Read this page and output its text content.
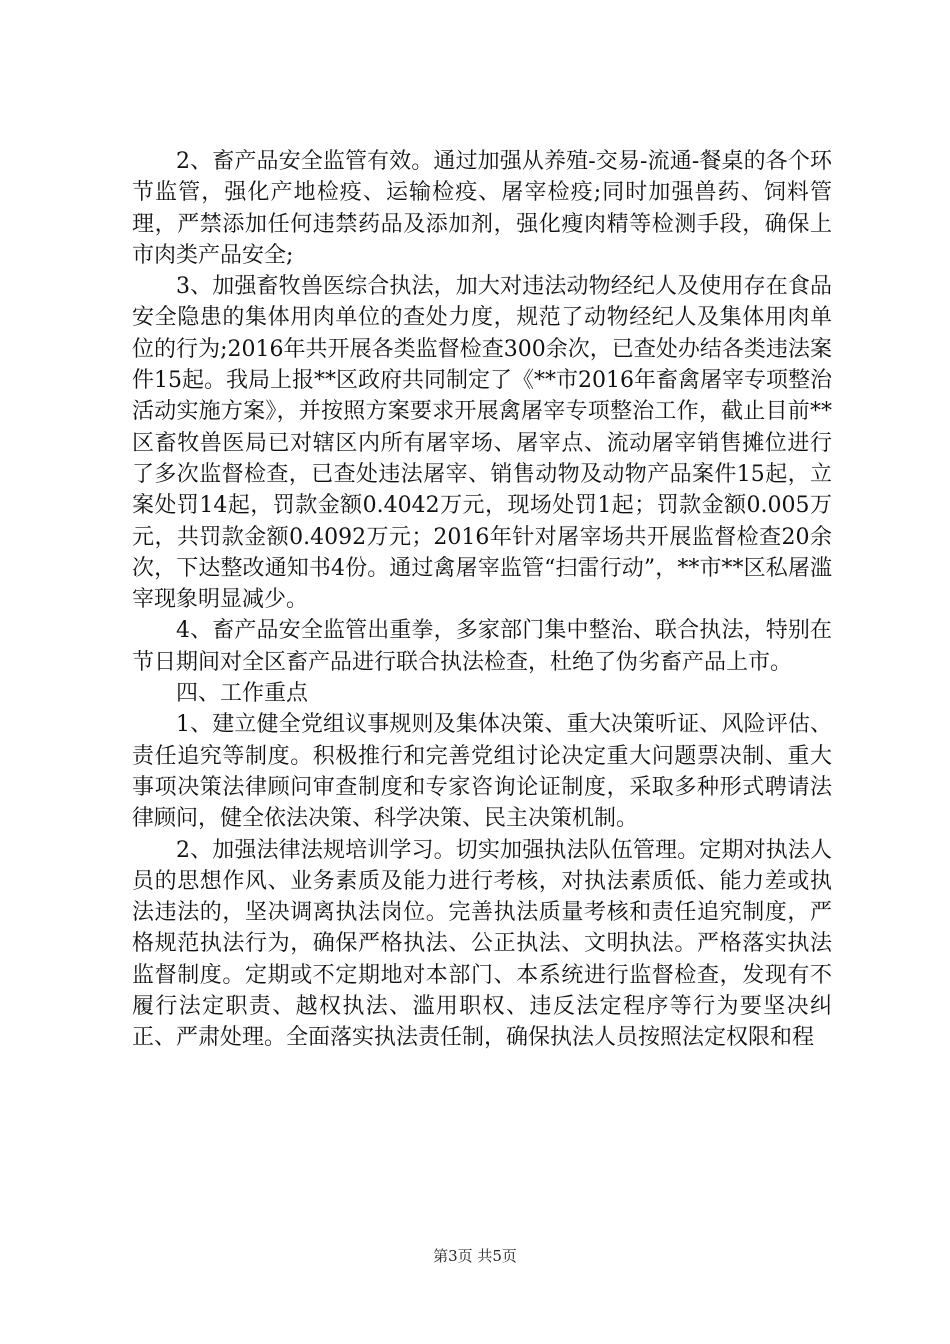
2、畜产品安全监管有效。通过加强从养殖-交易-流通-餐桌的各个环节监管，强化产地检疫、运输检疫、屠宰检疫;同时加强兽药、饲料管理，严禁添加任何违禁药品及添加剂，强化瘦肉精等检测手段，确保上市肉类产品安全;

3、加强畜牧兽医综合执法，加大对违法动物经纪人及使用存在食品安全隐患的集体用肉单位的查处力度，规范了动物经纪人及集体用肉单位的行为;2016年共开展各类监督检查300余次，已查处办结各类违法案件15起。我局上报**区政府共同制定了《**市2016年畜禽屠宰专项整治活动实施方案》，并按照方案要求开展禽屠宰专项整治工作，截止目前**区畜牧兽医局已对辖区内所有屠宰场、屠宰点、流动屠宰销售摊位进行了多次监督检查，已查处违法屠宰、销售动物及动物产品案件15起，立案处罚14起，罚款金额0.4042万元，现场处罚1起；罚款金额0.005万元，共罚款金额0.4092万元；2016年针对屠宰场共开展监督检查20余次，下达整改通知书4份。通过禽屠宰监管“扫雷行动”，**市**区私屠滥宰现象明显减少。

4、畜产品安全监管出重拳，多家部门集中整治、联合执法，特别在节日期间对全区畜产品进行联合执法检查，杜绝了伪劣畜产品上市。

四、工作重点

1、建立健全党组议事规则及集体决策、重大决策听证、风险评估、责任追究等制度。积极推行和完善党组讨论决定重大问题票决制、重大事项决策法律顾问审查制度和专家咨询论证制度，采取多种形式聘请法律顾问，健全依法决策、科学决策、民主决策机制。

2、加强法律法规培训学习。切实加强执法队伍管理。定期对执法人员的思想作风、业务素质及能力进行考核，对执法素质低、能力差或执法违法的，坚决调离执法岗位。完善执法质量考核和责任追究制度，严格规范执法行为，确保严格执法、公正执法、文明执法。严格落实执法监督制度。定期或不定期地对本部门、本系统进行监督检查，发现有不履行法定职责、越权执法、滥用职权、违反法定程序等行为要坚决纠正、严肃处理。全面落实执法责任制，确保执法人员按照法定权限和程

第3页 共5页
